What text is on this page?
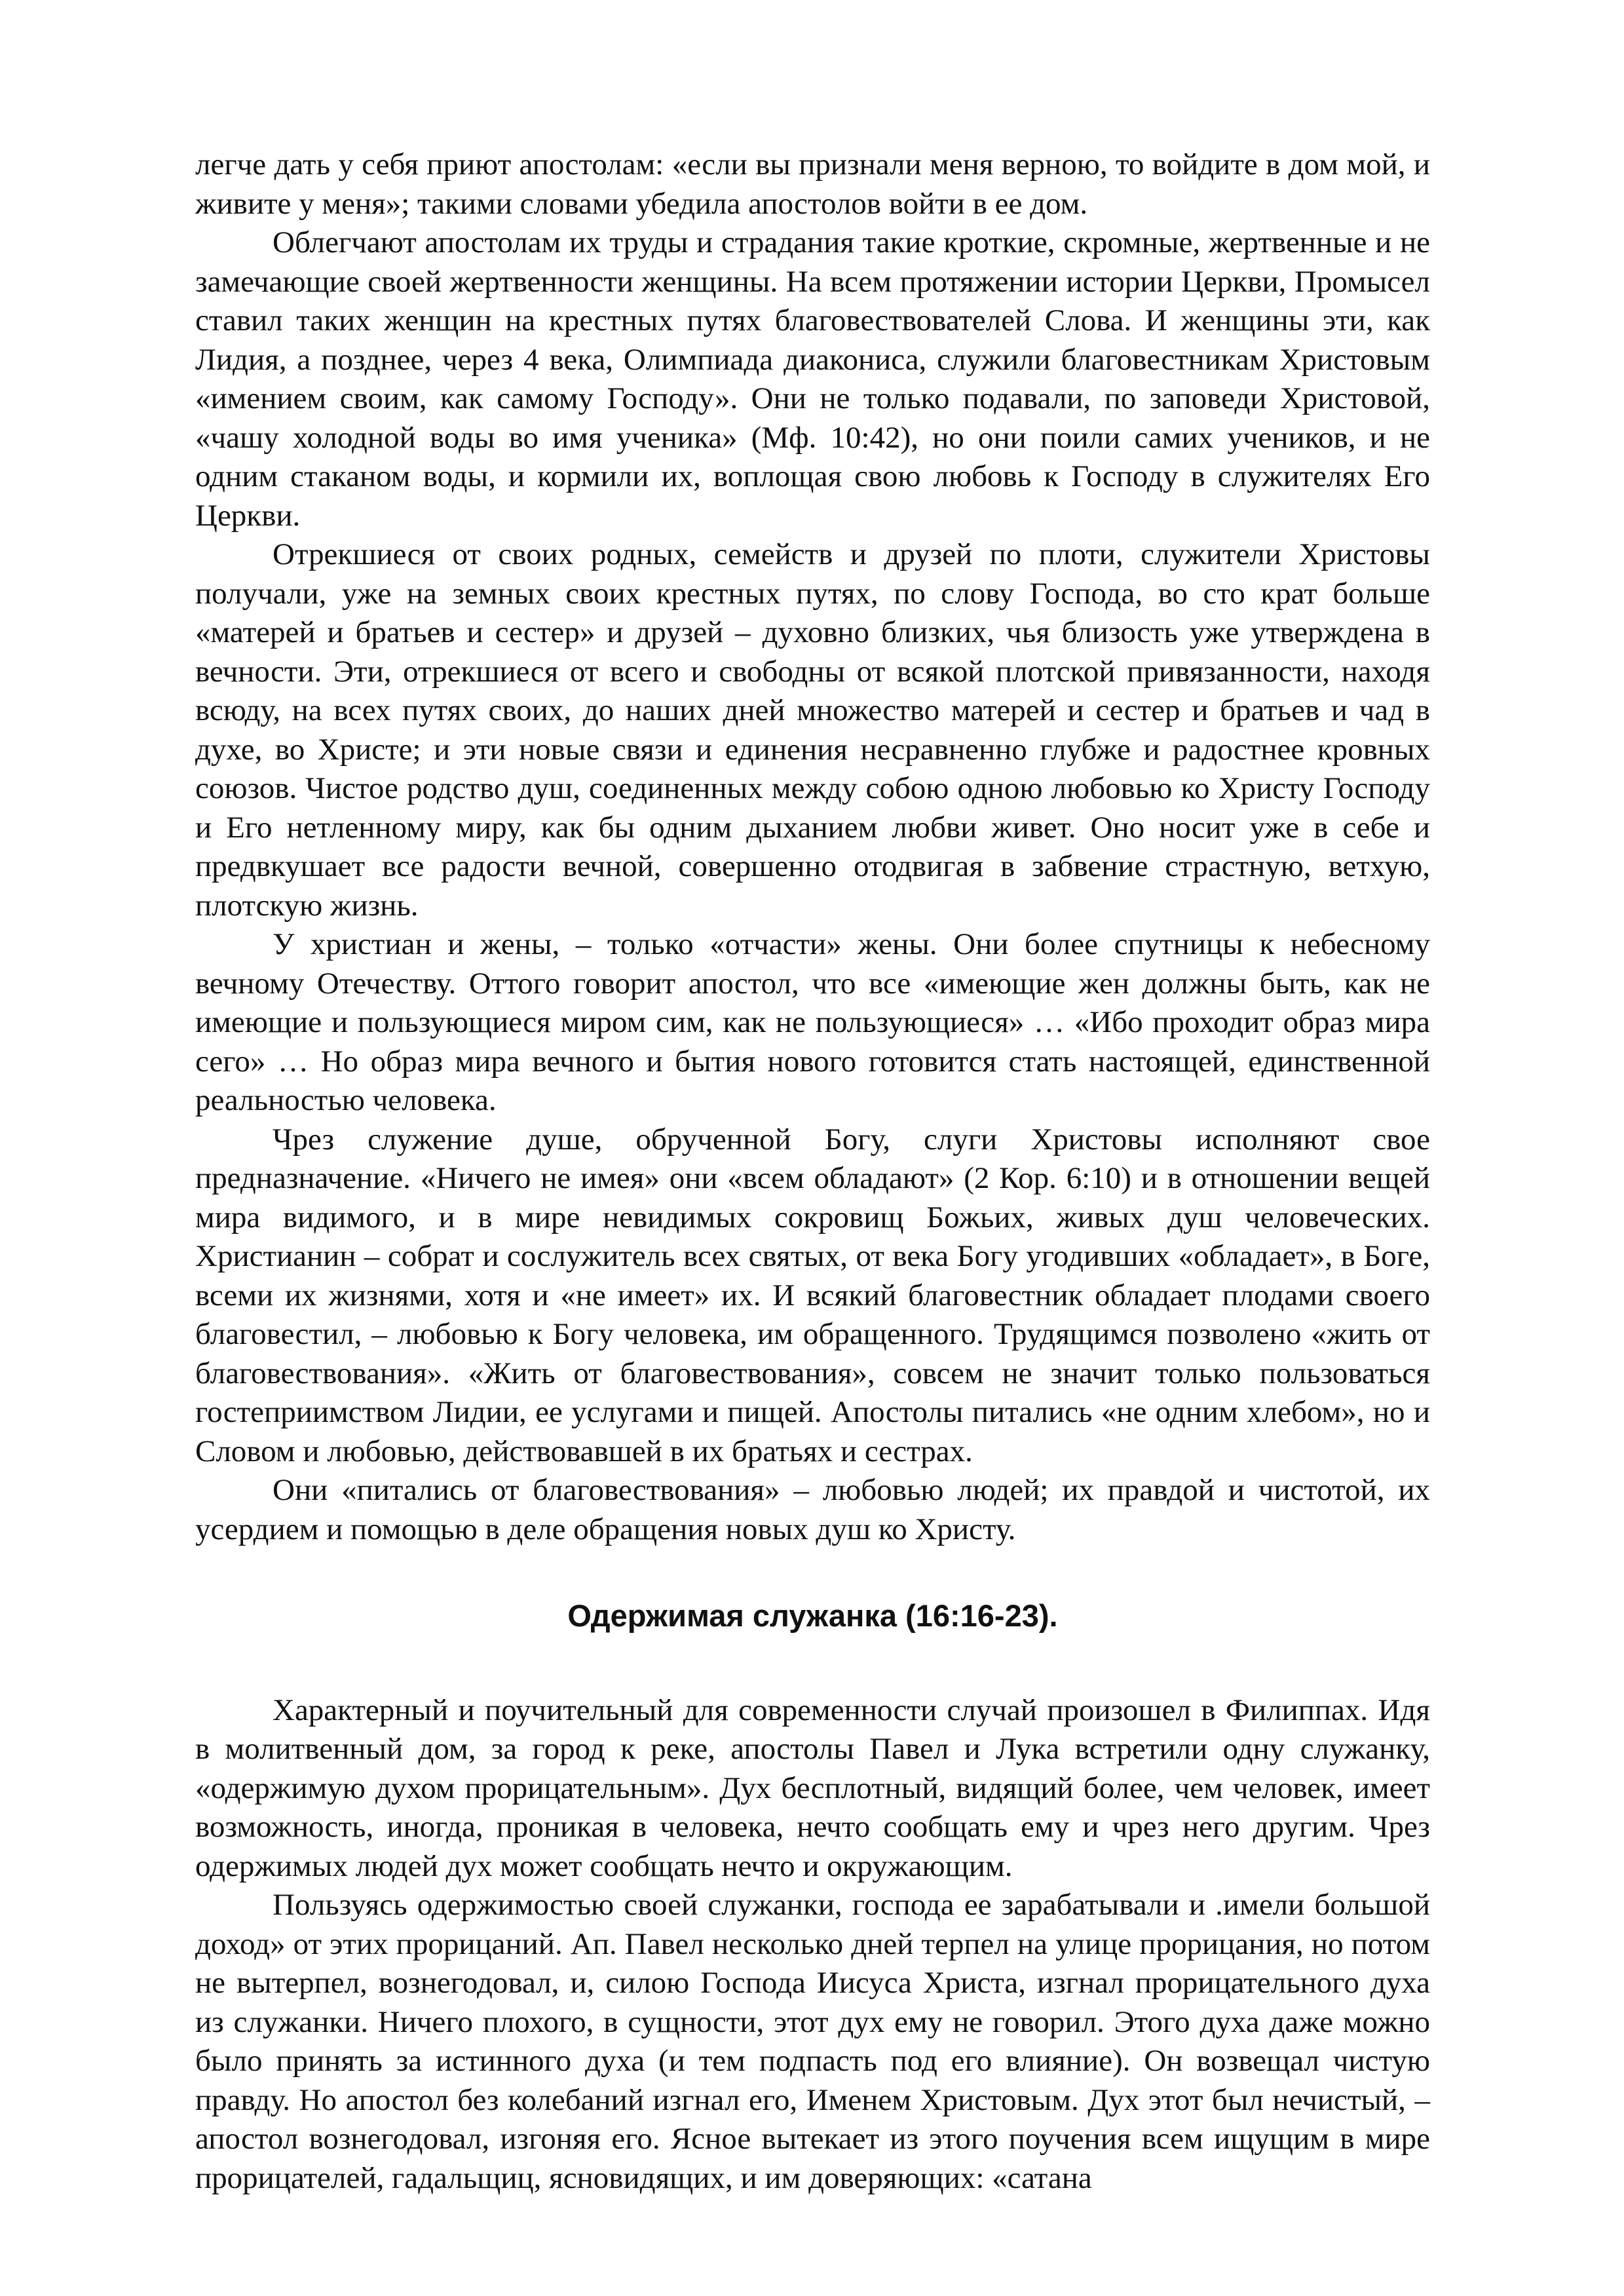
легче дать у себя приют апостолам: «если вы признали меня верною, то войдите в дом мой, и живите у меня»; такими словами убедила апостолов войти в ее дом.

Облегчают апостолам их труды и страдания такие кроткие, скромные, жертвенные и не замечающие своей жертвенности женщины. На всем протяжении истории Церкви, Промысел ставил таких женщин на крестных путях благовествователей Слова. И женщины эти, как Лидия, а позднее, через 4 века, Олимпиада диакониса, служили благовестникам Христовым «имением своим, как самому Господу». Они не только подавали, по заповеди Христовой, «чашу холодной воды во имя ученика» (Мф. 10:42), но они поили самих учеников, и не одним стаканом воды, и кормили их, воплощая свою любовь к Господу в служителях Его Церкви.

Отрекшиеся от своих родных, семейств и друзей по плоти, служители Христовы получали, уже на земных своих крестных путях, по слову Господа, во сто крат больше «матерей и братьев и сестер» и друзей – духовно близких, чья близость уже утверждена в вечности. Эти, отрекшиеся от всего и свободны от всякой плотской привязанности, находя всюду, на всех путях своих, до наших дней множество матерей и сестер и братьев и чад в духе, во Христе; и эти новые связи и единения несравненно глубже и радостнее кровных союзов. Чистое родство душ, соединенных между собою одною любовью ко Христу Господу и Его нетленному миру, как бы одним дыханием любви живет. Оно носит уже в себе и предвкушает все радости вечной, совершенно отодвигая в забвение страстную, ветхую, плотскую жизнь.

У христиан и жены, – только «отчасти» жены. Они более спутницы к небесному вечному Отечеству. Оттого говорит апостол, что все «имеющие жен должны быть, как не имеющие и пользующиеся миром сим, как не пользующиеся» … «Ибо проходит образ мира сего» … Но образ мира вечного и бытия нового готовится стать настоящей, единственной реальностью человека.

Чрез служение душе, обрученной Богу, слуги Христовы исполняют свое предназначение. «Ничего не имея» они «всем обладают» (2 Кор. 6:10) и в отношении вещей мира видимого, и в мире невидимых сокровищ Божьих, живых душ человеческих. Христианин – собрат и сослужитель всех святых, от века Богу угодивших «обладает», в Боге, всеми их жизнями, хотя и «не имеет» их. И всякий благовестник обладает плодами своего благовестил, – любовью к Богу человека, им обращенного. Трудящимся позволено «жить от благовествования». «Жить от благовествования», совсем не значит только пользоваться гостеприимством Лидии, ее услугами и пищей. Апостолы питались «не одним хлебом», но и Словом и любовью, действовавшей в их братьях и сестрах.

Они «питались от благовествования» – любовью людей; их правдой и чистотой, их усердием и помощью в деле обращения новых душ ко Христу.

Одержимая служанка (16:16-23).

Характерный и поучительный для современности случай произошел в Филиппах. Идя в молитвенный дом, за город к реке, апостолы Павел и Лука встретили одну служанку, «одержимую духом прорицательным». Дух бесплотный, видящий более, чем человек, имеет возможность, иногда, проникая в человека, нечто сообщать ему и чрез него другим. Чрез одержимых людей дух может сообщать нечто и окружающим.

Пользуясь одержимостью своей служанки, господа ее зарабатывали и .имели большой доход» от этих прорицаний. Ап. Павел несколько дней терпел на улице прорицания, но потом не вытерпел, вознегодовал, и, силою Господа Иисуса Христа, изгнал прорицательного духа из служанки. Ничего плохого, в сущности, этот дух ему не говорил. Этого духа даже можно было принять за истинного духа (и тем подпасть под его влияние). Он возвещал чистую правду. Но апостол без колебаний изгнал его, Именем Христовым. Дух этот был нечистый, – апостол вознегодовал, изгоняя его. Ясное вытекает из этого поучения всем ищущим в мире прорицателей, гадальщиц, ясновидящих, и им доверяющих: «сатана
